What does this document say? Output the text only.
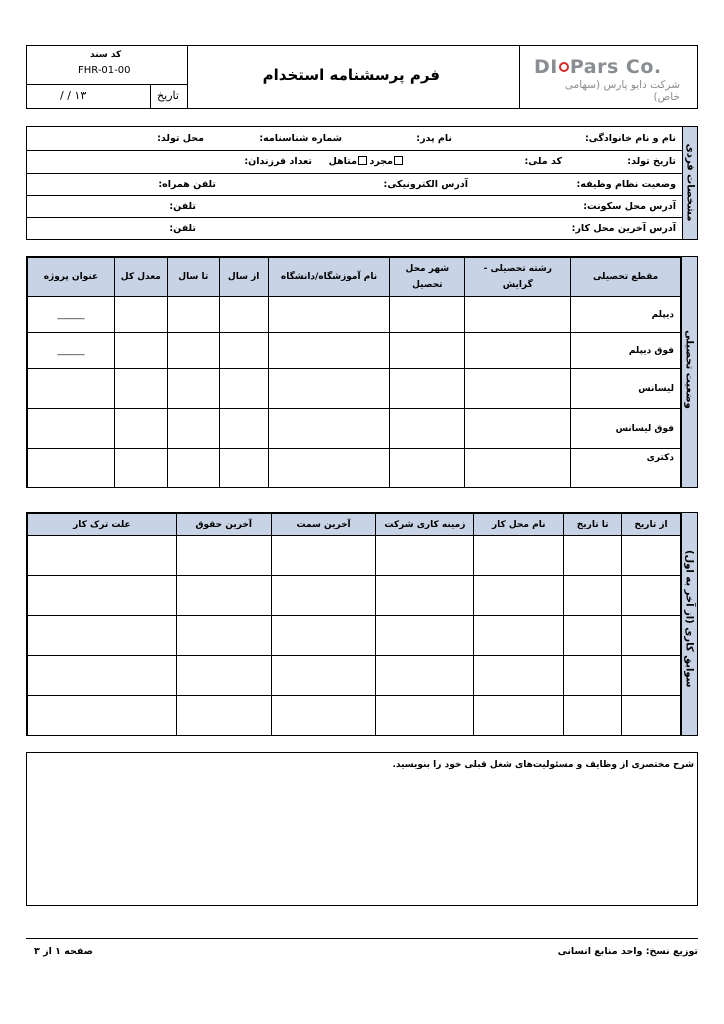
کد سند
FHR-01-00
تاریخ
۱۳ / /
فرم پرسشنامه استخدام	DI Pars Co.
شرکت دایو پارس (سهامی خاص)
مشخصات فردی
نام و نام خانوادگی:
نام پدر:
شماره شناسنامه:
محل تولد:
تاریخ تولد:
کد ملی:
مجرد
متاهل
تعداد فرزندان:
وضعیت نظام وظیفه:
آدرس الکترونیکی:
تلفن همراه:
آدرس محل سکونت:
تلفن:
آدرس آخرین محل کار:
تلفن:
وضعیت تحصیلی
مقطع تحصیلی	رشته تحصیلی - گرایش	شهر محل تحصیل	نام آموزشگاه/دانشگاه	از سال	تا سال	معدل کل	عنوان پروژه
دیپلم							______
فوق دیپلم							______
لیسانس							
فوق لیسانس							
دکتری							
سوابق کاری (از آخر به اول)
از تاریخ	تا تاریخ	نام محل کار	زمینه کاری شرکت	آخرین سمت	آخرین حقوق	علت ترک کار

شرح مختصری از وظایف و مسئولیت‌های شغل قبلی خود را بنویسید.
توزیع نسخ: واحد منابع انسانی
صفحه ۱ از ۳
